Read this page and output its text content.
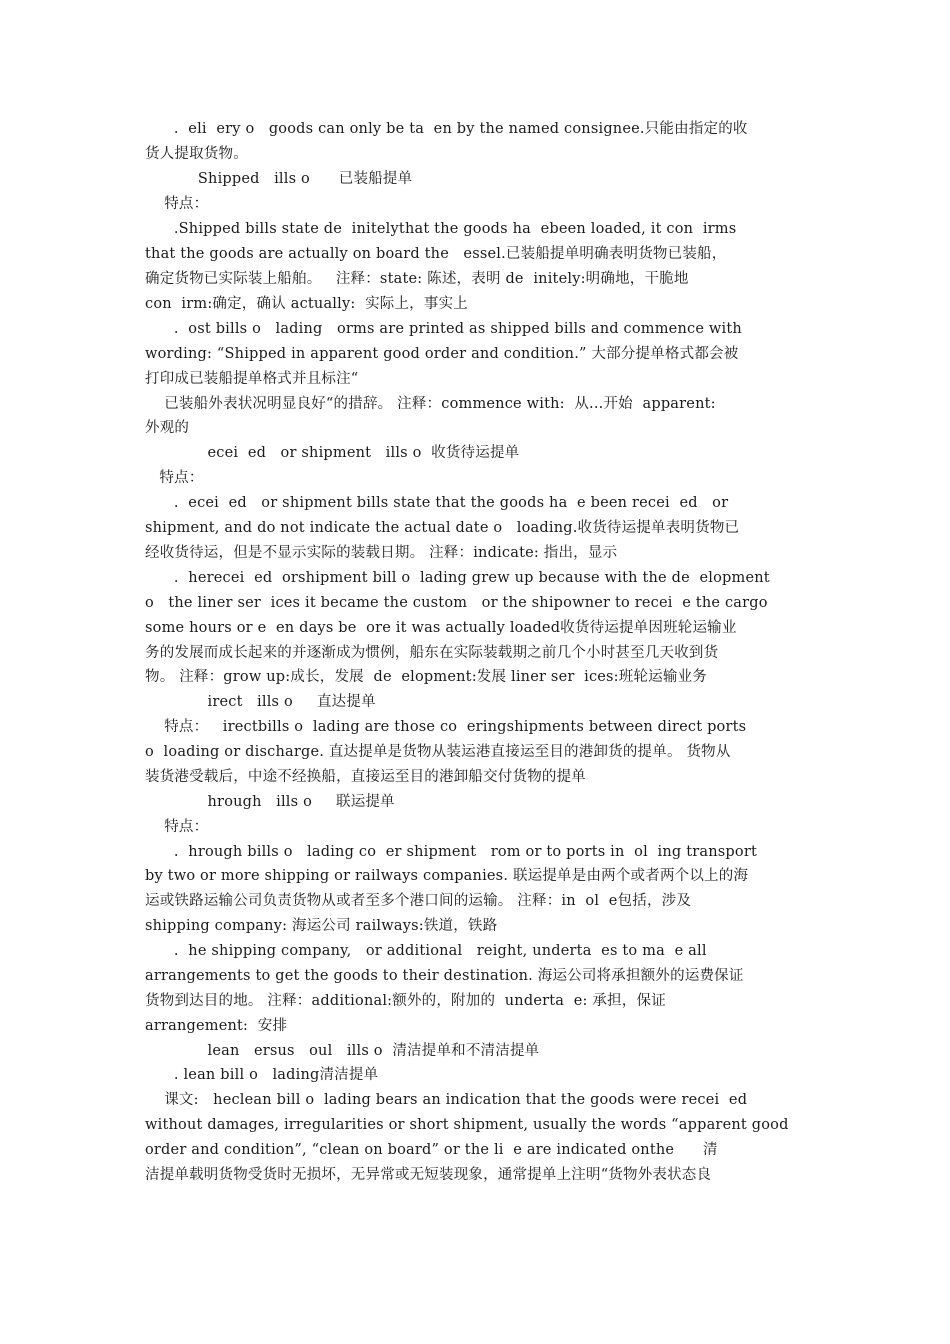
.  eli  ery o   goods can only be ta  en by the named consignee.只能由指定的收
货人提取货物。
Shipped   ills o      已装船提单
特点：
.Shipped bills state de  initelythat the goods ha  ebeen loaded, it con  irms
that the goods are actually on board the   essel.已装船提单明确表明货物已装船，
确定货物已实际装上船舶。   注释：state: 陈述，表明 de  initely:明确地，干脆地
con  irm:确定，确认 actually:  实际上，事实上
.  ost bills o   lading   orms are printed as shipped bills and commence with
wording: “Shipped in apparent good order and condition.” 大部分提单格式都会被
打印成已装船提单格式并且标注“
已装船外表状况明显良好“的措辞。 注释：commence with:  从...开始  apparent:
外观的
ecei  ed   or shipment   ills o  收货待运提单
特点：
.  ecei  ed   or shipment bills state that the goods ha  e been recei  ed   or
shipment, and do not indicate the actual date o   loading.收货待运提单表明货物已
经收货待运，但是不显示实际的装载日期。 注释：indicate: 指出，显示
.  herecei  ed  orshipment bill o  lading grew up because with the de  elopment
o   the liner ser  ices it became the custom   or the shipowner to recei  e the cargo
some hours or e  en days be  ore it was actually loaded收货待运提单因班轮运输业
务的发展而成长起来的并逐渐成为惯例，船东在实际装载期之前几个小时甚至几天收到货
物。 注释：grow up:成长，发展  de  elopment:发展 liner ser  ices:班轮运输业务
irect   ills o     直达提单
特点：   irectbills o  lading are those co  eringshipments between direct ports
o  loading or discharge. 直达提单是货物从装运港直接运至目的港卸货的提单。 货物从
装货港受载后，中途不经换船，直接运至目的港卸船交付货物的提单
hrough   ills o     联运提单
特点：
.  hrough bills o   lading co  er shipment   rom or to ports in  ol  ing transport
by two or more shipping or railways companies. 联运提单是由两个或者两个以上的海
运或铁路运输公司负责货物从或者至多个港口间的运输。 注释：in  ol  e包括，涉及
shipping company: 海运公司 railways:铁道，铁路
.  he shipping company,   or additional   reight, underta  es to ma  e all
arrangements to get the goods to their destination. 海运公司将承担额外的运费保证
货物到达目的地。 注释：additional:额外的，附加的  underta  e: 承担，保证
arrangement:  安排
lean   ersus   oul   ills o  清洁提单和不清洁提单
. lean bill o   lading清洁提单
课文:   heclean bill o  lading bears an indication that the goods were recei  ed
without damages, irregularities or short shipment, usually the words “apparent good
order and condition”, “clean on board” or the li  e are indicated onthe      清
洁提单载明货物受货时无损坏，无异常或无短装现象，通常提单上注明“货物外表状态良
